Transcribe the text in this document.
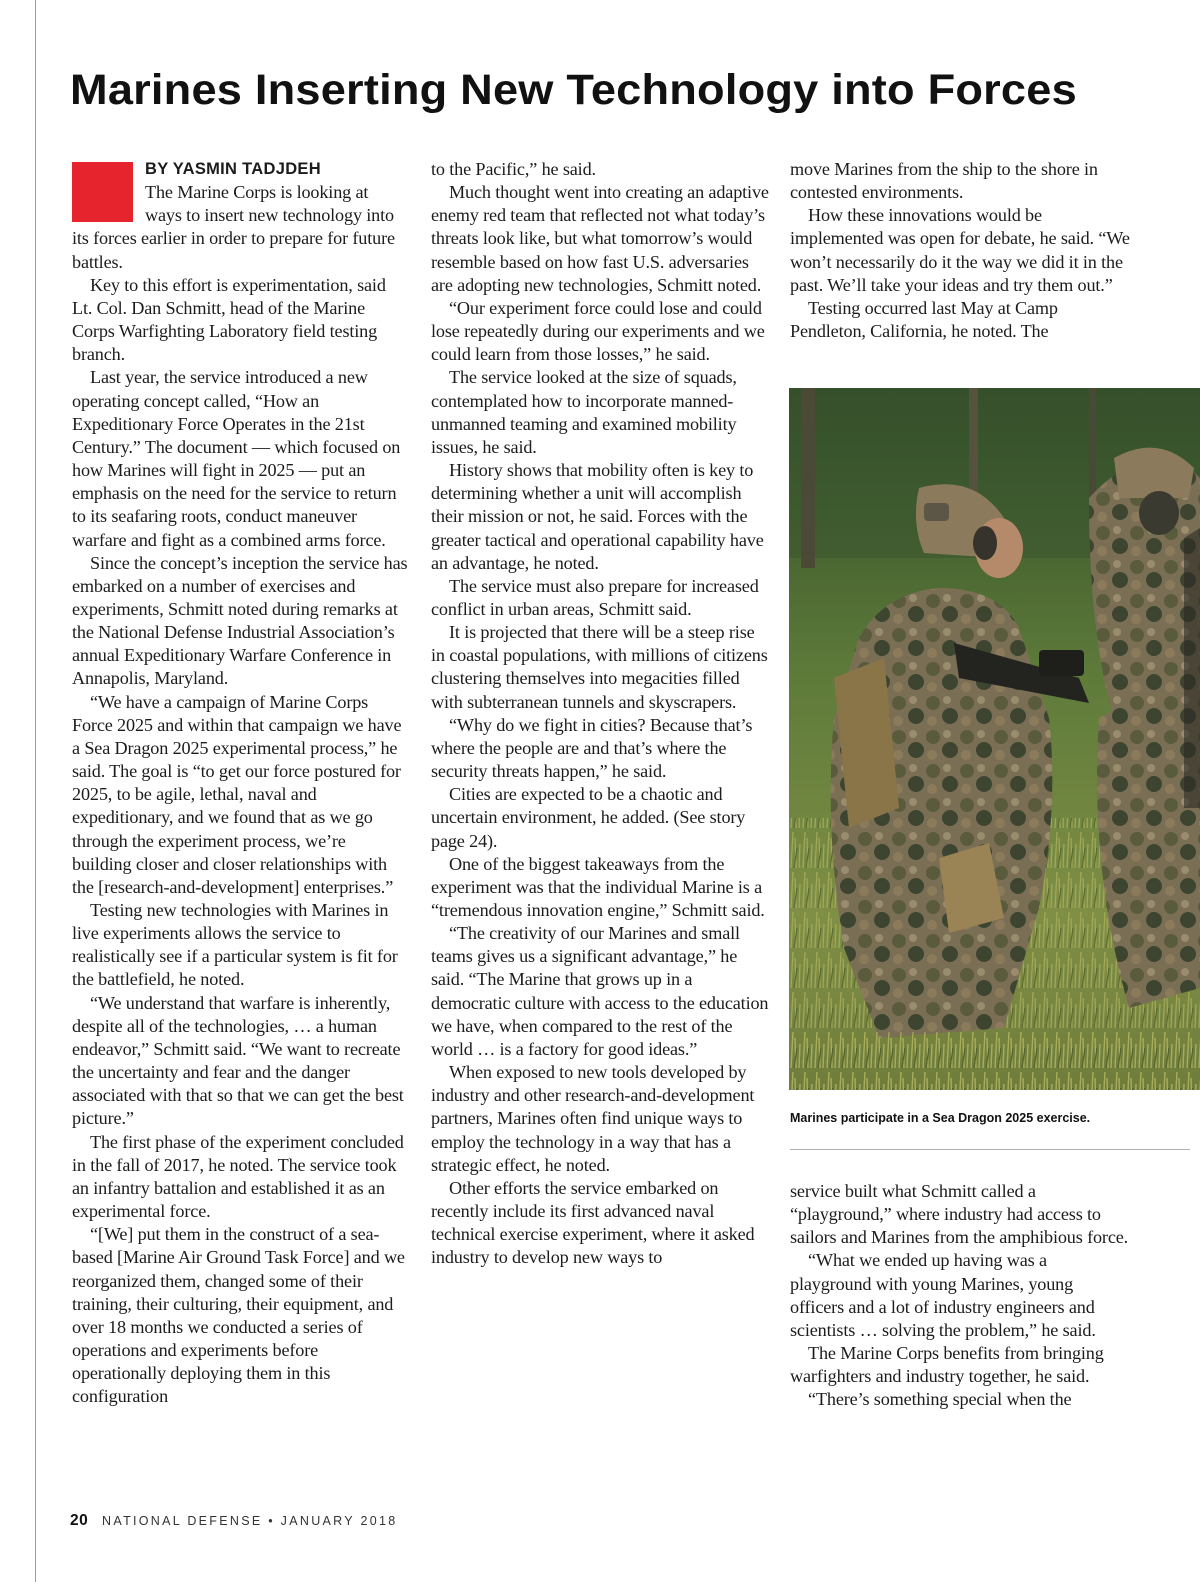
Marines Inserting New Technology into Forces
BY YASMIN TADJDEH

The Marine Corps is looking at ways to insert new technology into its forces earlier in order to prepare for future battles.

Key to this effort is experimentation, said Lt. Col. Dan Schmitt, head of the Marine Corps Warfighting Laboratory field testing branch.

Last year, the service introduced a new operating concept called, “How an Expeditionary Force Operates in the 21st Century.” The document — which focused on how Marines will fight in 2025 — put an emphasis on the need for the service to return to its seafaring roots, conduct maneuver warfare and fight as a combined arms force.

Since the concept’s inception the service has embarked on a number of exercises and experiments, Schmitt noted during remarks at the National Defense Industrial Association’s annual Expeditionary Warfare Conference in Annapolis, Maryland.

“We have a campaign of Marine Corps Force 2025 and within that campaign we have a Sea Dragon 2025 experimental process,” he said. The goal is “to get our force postured for 2025, to be agile, lethal, naval and expeditionary, and we found that as we go through the experiment process, we’re building closer and closer relationships with the [research-and-development] enterprises.”

Testing new technologies with Marines in live experiments allows the service to realistically see if a particular system is fit for the battlefield, he noted.

“We understand that warfare is inherently, despite all of the technologies, … a human endeavor,” Schmitt said. “We want to recreate the uncertainty and fear and the danger associated with that so that we can get the best picture.”

The first phase of the experiment concluded in the fall of 2017, he noted. The service took an infantry battalion and established it as an experimental force.

“[We] put them in the construct of a sea-based [Marine Air Ground Task Force] and we reorganized them, changed some of their training, their culturing, their equipment, and over 18 months we conducted a series of operations and experiments before operationally deploying them in this configuration

to the Pacific,” he said.

Much thought went into creating an adaptive enemy red team that reflected not what today’s threats look like, but what tomorrow’s would resemble based on how fast U.S. adversaries are adopting new technologies, Schmitt noted.

“Our experiment force could lose and could lose repeatedly during our experiments and we could learn from those losses,” he said.

The service looked at the size of squads, contemplated how to incorporate manned-unmanned teaming and examined mobility issues, he said.

History shows that mobility often is key to determining whether a unit will accomplish their mission or not, he said. Forces with the greater tactical and operational capability have an advantage, he noted.

The service must also prepare for increased conflict in urban areas, Schmitt said.

It is projected that there will be a steep rise in coastal populations, with millions of citizens clustering themselves into megacities filled with subterranean tunnels and skyscrapers.

“Why do we fight in cities? Because that’s where the people are and that’s where the security threats happen,” he said.

Cities are expected to be a chaotic and uncertain environment, he added. (See story page 24).

One of the biggest takeaways from the experiment was that the individual Marine is a “tremendous innovation engine,” Schmitt said.

“The creativity of our Marines and small teams gives us a significant advantage,” he said. “The Marine that grows up in a democratic culture with access to the education we have, when compared to the rest of the world … is a factory for good ideas.”

When exposed to new tools developed by industry and other research-and-development partners, Marines often find unique ways to employ the technology in a way that has a strategic effect, he noted.

Other efforts the service embarked on recently include its first advanced naval technical exercise experiment, where it asked industry to develop new ways to

move Marines from the ship to the shore in contested environments.

How these innovations would be implemented was open for debate, he said. “We won’t necessarily do it the way we did it in the past. We’ll take your ideas and try them out.”

Testing occurred last May at Camp Pendleton, California, he noted. The

Marines participate in a Sea Dragon 2025 exercise.

service built what Schmitt called a “playground,” where industry had access to sailors and Marines from the amphibious force.

“What we ended up having was a playground with young Marines, young officers and a lot of industry engineers and scientists … solving the problem,” he said.

The Marine Corps benefits from bringing warfighters and industry together, he said.

“There’s something special when the

20 NATIONAL DEFENSE • JANUARY 2018
